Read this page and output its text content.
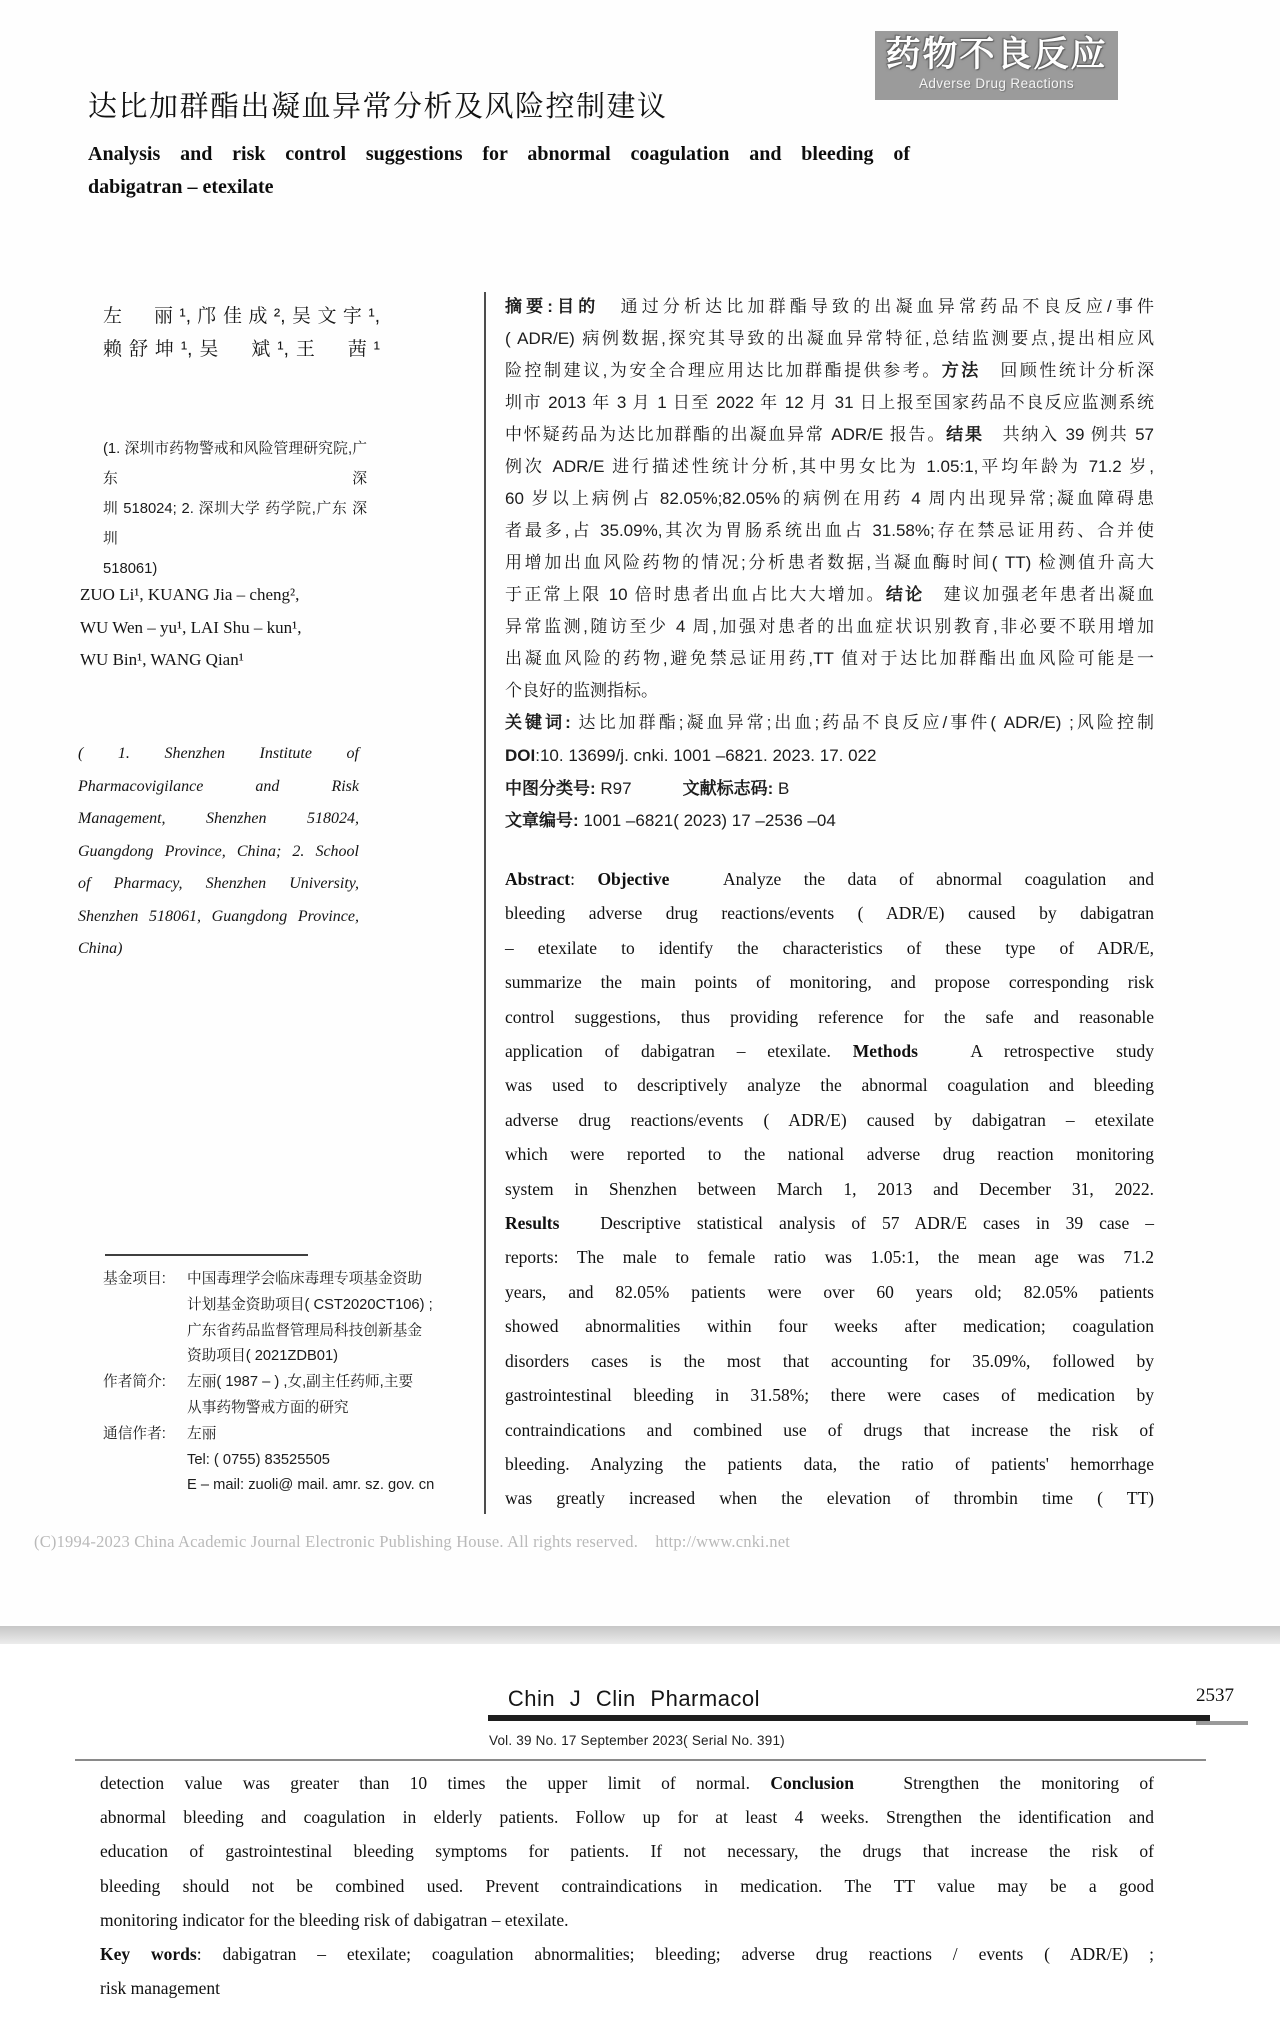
药物不良反应
Adverse Drug Reactions
达比加群酯出凝血异常分析及风险控制建议
Analysis and risk control suggestions for abnormal coagulation and bleeding of
dabigatran – etexilate
左　丽¹,邝佳成²,吴文宇¹,
赖舒坤¹,吴　斌¹,王　茜¹
(1. 深圳市药物警戒和风险管理研究院,广东 深
圳 518024; 2. 深圳大学 药学院,广东 深圳
518061)
ZUO Li¹, KUANG Jia – cheng²,
WU Wen – yu¹, LAI Shu – kun¹,
WU Bin¹, WANG Qian¹
( 1. Shenzhen Institute of
Pharmacovigilance and Risk
Management, Shenzhen 518024,
Guangdong Province, China; 2. School
of Pharmacy, Shenzhen University,
Shenzhen 518061, Guangdong Province,
China)
摘要:目的　通过分析达比加群酯导致的出凝血异常药品不良反应/事件
( ADR/E) 病例数据,探究其导致的出凝血异常特征,总结监测要点,提出相应风
险控制建议,为安全合理应用达比加群酯提供参考。方法　回顾性统计分析深
圳市 2013 年 3 月 1 日至 2022 年 12 月 31 日上报至国家药品不良反应监测系统
中怀疑药品为达比加群酯的出凝血异常 ADR/E 报告。结果　共纳入 39 例共 57
例次 ADR/E 进行描述性统计分析,其中男女比为 1.05:1,平均年龄为 71.2 岁,
60 岁以上病例占 82.05%;82.05%的病例在用药 4 周内出现异常;凝血障碍患
者最多,占 35.09%,其次为胃肠系统出血占 31.58%;存在禁忌证用药、合并使
用增加出血风险药物的情况;分析患者数据,当凝血酶时间( TT) 检测值升高大
于正常上限 10 倍时患者出血占比大大增加。结论　建议加强老年患者出凝血
异常监测,随访至少 4 周,加强对患者的出血症状识别教育,非必要不联用增加
出凝血风险的药物,避免禁忌证用药,TT 值对于达比加群酯出血风险可能是一
个良好的监测指标。
关键词: 达比加群酯;凝血异常;出血;药品不良反应/事件( ADR/E) ;风险控制
DOI:10. 13699/j. cnki. 1001 –6821. 2023. 17. 022
中图分类号: R97　　　文献标志码: B
文章编号: 1001 –6821( 2023) 17 –2536 –04
Abstract: Objective　Analyze the data of abnormal coagulation and
bleeding adverse drug reactions/events ( ADR/E) caused by dabigatran
– etexilate to identify the characteristics of these type of ADR/E,
summarize the main points of monitoring, and propose corresponding risk
control suggestions, thus providing reference for the safe and reasonable
application of dabigatran – etexilate. Methods　A retrospective study
was used to descriptively analyze the abnormal coagulation and bleeding
adverse drug reactions/events ( ADR/E) caused by dabigatran – etexilate
which were reported to the national adverse drug reaction monitoring
system in Shenzhen between March 1, 2013 and December 31, 2022.
Results　Descriptive statistical analysis of 57 ADR/E cases in 39 case –
reports: The male to female ratio was 1.05:1, the mean age was 71.2
years, and 82.05% patients were over 60 years old; 82.05% patients
showed abnormalities within four weeks after medication; coagulation
disorders cases is the most that accounting for 35.09%, followed by
gastrointestinal bleeding in 31.58%; there were cases of medication by
contraindications and combined use of drugs that increase the risk of
bleeding. Analyzing the patients data, the ratio of patients' hemorrhage
was greatly increased when the elevation of thrombin time ( TT)
基金项目:	中国毒理学会临床毒理专项基金资助
计划基金资助项目( CST2020CT106) ;
广东省药品监督管理局科技创新基金
资助项目( 2021ZDB01)
作者简介:	左丽( 1987 – ) ,女,副主任药师,主要
从事药物警戒方面的研究
通信作者:	左丽
Tel: ( 0755) 83525505
E – mail: zuoli@ mail. amr. sz. gov. cn
(C)1994-2023 China Academic Journal Electronic Publishing House. All rights reserved.    http://www.cnki.net
Chin J Clin Pharmacol	2537
Vol. 39 No. 17 September 2023( Serial No. 391)
detection value was greater than 10 times the upper limit of normal. Conclusion　Strengthen the monitoring of
abnormal bleeding and coagulation in elderly patients. Follow up for at least 4 weeks. Strengthen the identification and
education of gastrointestinal bleeding symptoms for patients. If not necessary, the drugs that increase the risk of
bleeding should not be combined used. Prevent contraindications in medication. The TT value may be a good
monitoring indicator for the bleeding risk of dabigatran – etexilate.
Key words: dabigatran – etexilate; coagulation abnormalities; bleeding; adverse drug reactions / events ( ADR/E) ;
risk management
